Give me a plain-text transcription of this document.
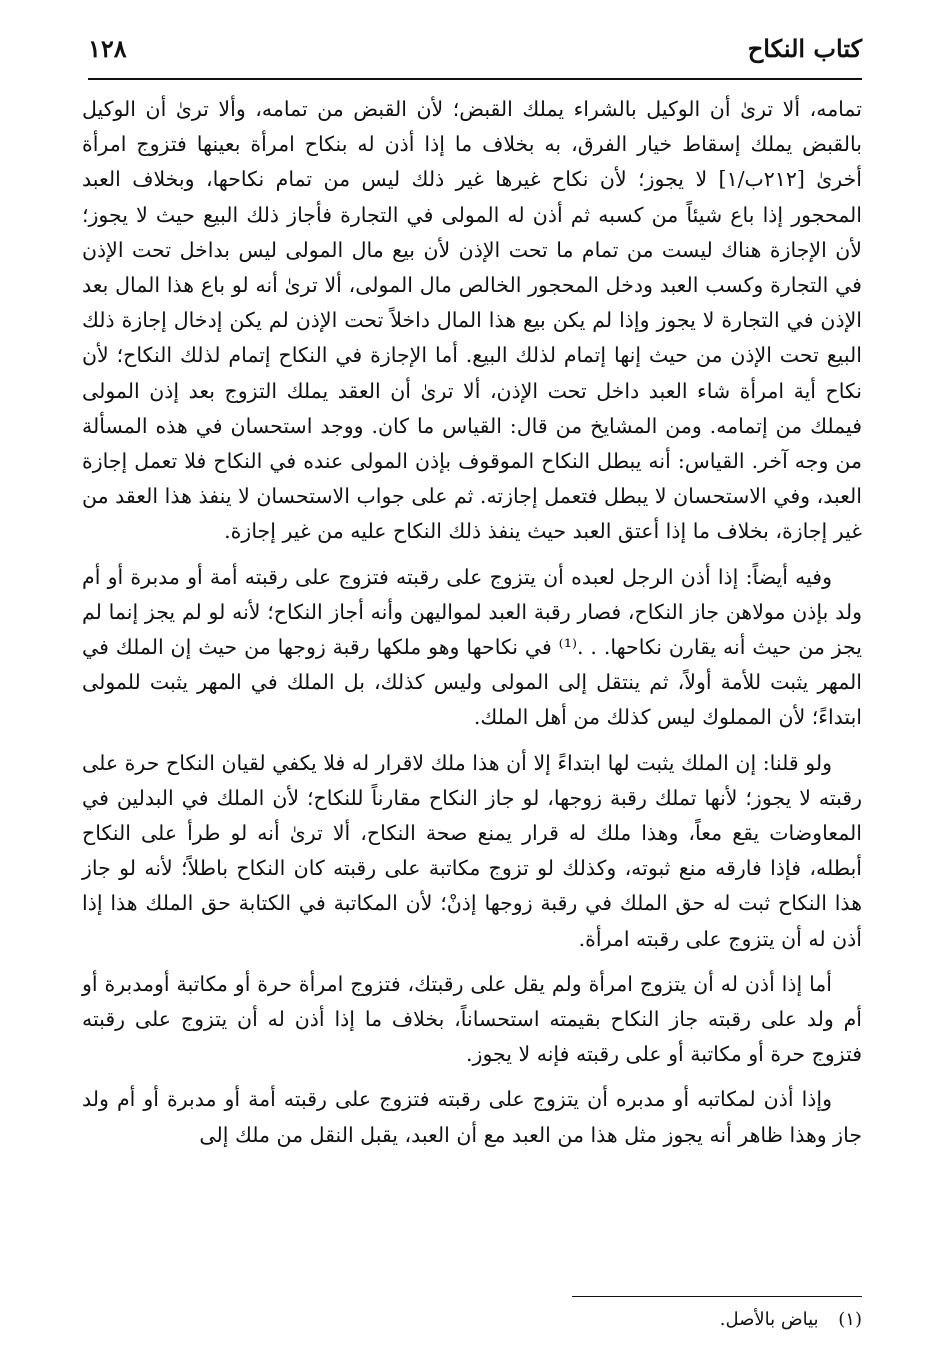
كتاب النكاح
١٢٨

تمامه، ألا ترىٰ أن الوكيل بالشراء يملك القبض؛ لأن القبض من تمامه، وألا ترىٰ أن الوكيل بالقبض يملك إسقاط خيار الفرق، به بخلاف ما إذا أذن له بنكاح امرأة بعينها فتزوج امرأة أخرىٰ [٢١٢ب/١] لا يجوز؛ لأن نكاح غيرها غير ذلك ليس من تمام نكاحها، وبخلاف العبد المحجور إذا باع شيئاً من كسبه ثم أذن له المولى في التجارة فأجاز ذلك البيع حيث لا يجوز؛ لأن الإجازة هناك ليست من تمام ما تحت الإذن لأن بيع مال المولى ليس بداخل تحت الإذن في التجارة وكسب العبد ودخل المحجور الخالص مال المولى، ألا ترىٰ أنه لو باع هذا المال بعد الإذن في التجارة لا يجوز وإذا لم يكن بيع هذا المال داخلاً تحت الإذن لم يكن إدخال إجازة ذلك البيع تحت الإذن من حيث إنها إتمام لذلك البيع. أما الإجازة في النكاح إتمام لذلك النكاح؛ لأن نكاح أية امرأة شاء العبد داخل تحت الإذن، ألا ترىٰ أن العقد يملك التزوج بعد إذن المولى فيملك من إتمامه. ومن المشايخ من قال: القياس ما كان. ووجد استحسان في هذه المسألة من وجه آخر. القياس: أنه يبطل النكاح الموقوف بإذن المولى عنده في النكاح فلا تعمل إجازة العبد، وفي الاستحسان لا يبطل فتعمل إجازته. ثم على جواب الاستحسان لا ينفذ هذا العقد من غير إجازة، بخلاف ما إذا أعتق العبد حيث ينفذ ذلك النكاح عليه من غير إجازة.

وفيه أيضاً: إذا أذن الرجل لعبده أن يتزوج على رقبته فتزوج على رقبته أمة أو مدبرة أو أم ولد بإذن مولاهن جاز النكاح، فصار رقبة العبد لمواليهن وأنه أجاز النكاح؛ لأنه لو لم يجز إنما لم يجز من حيث أنه يقارن نكاحها. . .⁽¹⁾ في نكاحها وهو ملكها رقبة زوجها من حيث إن الملك في المهر يثبت للأمة أولاً، ثم ينتقل إلى المولى وليس كذلك، بل الملك في المهر يثبت للمولى ابتداءً؛ لأن المملوك ليس كذلك من أهل الملك.

ولو قلنا: إن الملك يثبت لها ابتداءً إلا أن هذا ملك لاقرار له فلا يكفي لقيان النكاح حرة على رقبته لا يجوز؛ لأنها تملك رقبة زوجها، لو جاز النكاح مقارناً للنكاح؛ لأن الملك في البدلين في المعاوضات يقع معاً، وهذا ملك له قرار يمنع صحة النكاح، ألا ترىٰ أنه لو طرأ على النكاح أبطله، فإذا فارقه منع ثبوته، وكذلك لو تزوج مكاتبة على رقبته كان النكاح باطلاً؛ لأنه لو جاز هذا النكاح ثبت له حق الملك في رقبة زوجها إذنْ؛ لأن المكاتبة في الكتابة حق الملك هذا إذا أذن له أن يتزوج على رقبته امرأة.

أما إذا أذن له أن يتزوج امرأة ولم يقل على رقبتك، فتزوج امرأة حرة أو مكاتبة أومدبرة أو أم ولد على رقبته جاز النكاح بقيمته استحساناً، بخلاف ما إذا أذن له أن يتزوج على رقبته فتزوج حرة أو مكاتبة أو على رقبته فإنه لا يجوز.

وإذا أذن لمكاتبه أو مدبره أن يتزوج على رقبته فتزوج على رقبته أمة أو مدبرة أو أم ولد جاز وهذا ظاهر أنه يجوز مثل هذا من العبد مع أن العبد، يقبل النقل من ملك إلى

(١) بياض بالأصل.
